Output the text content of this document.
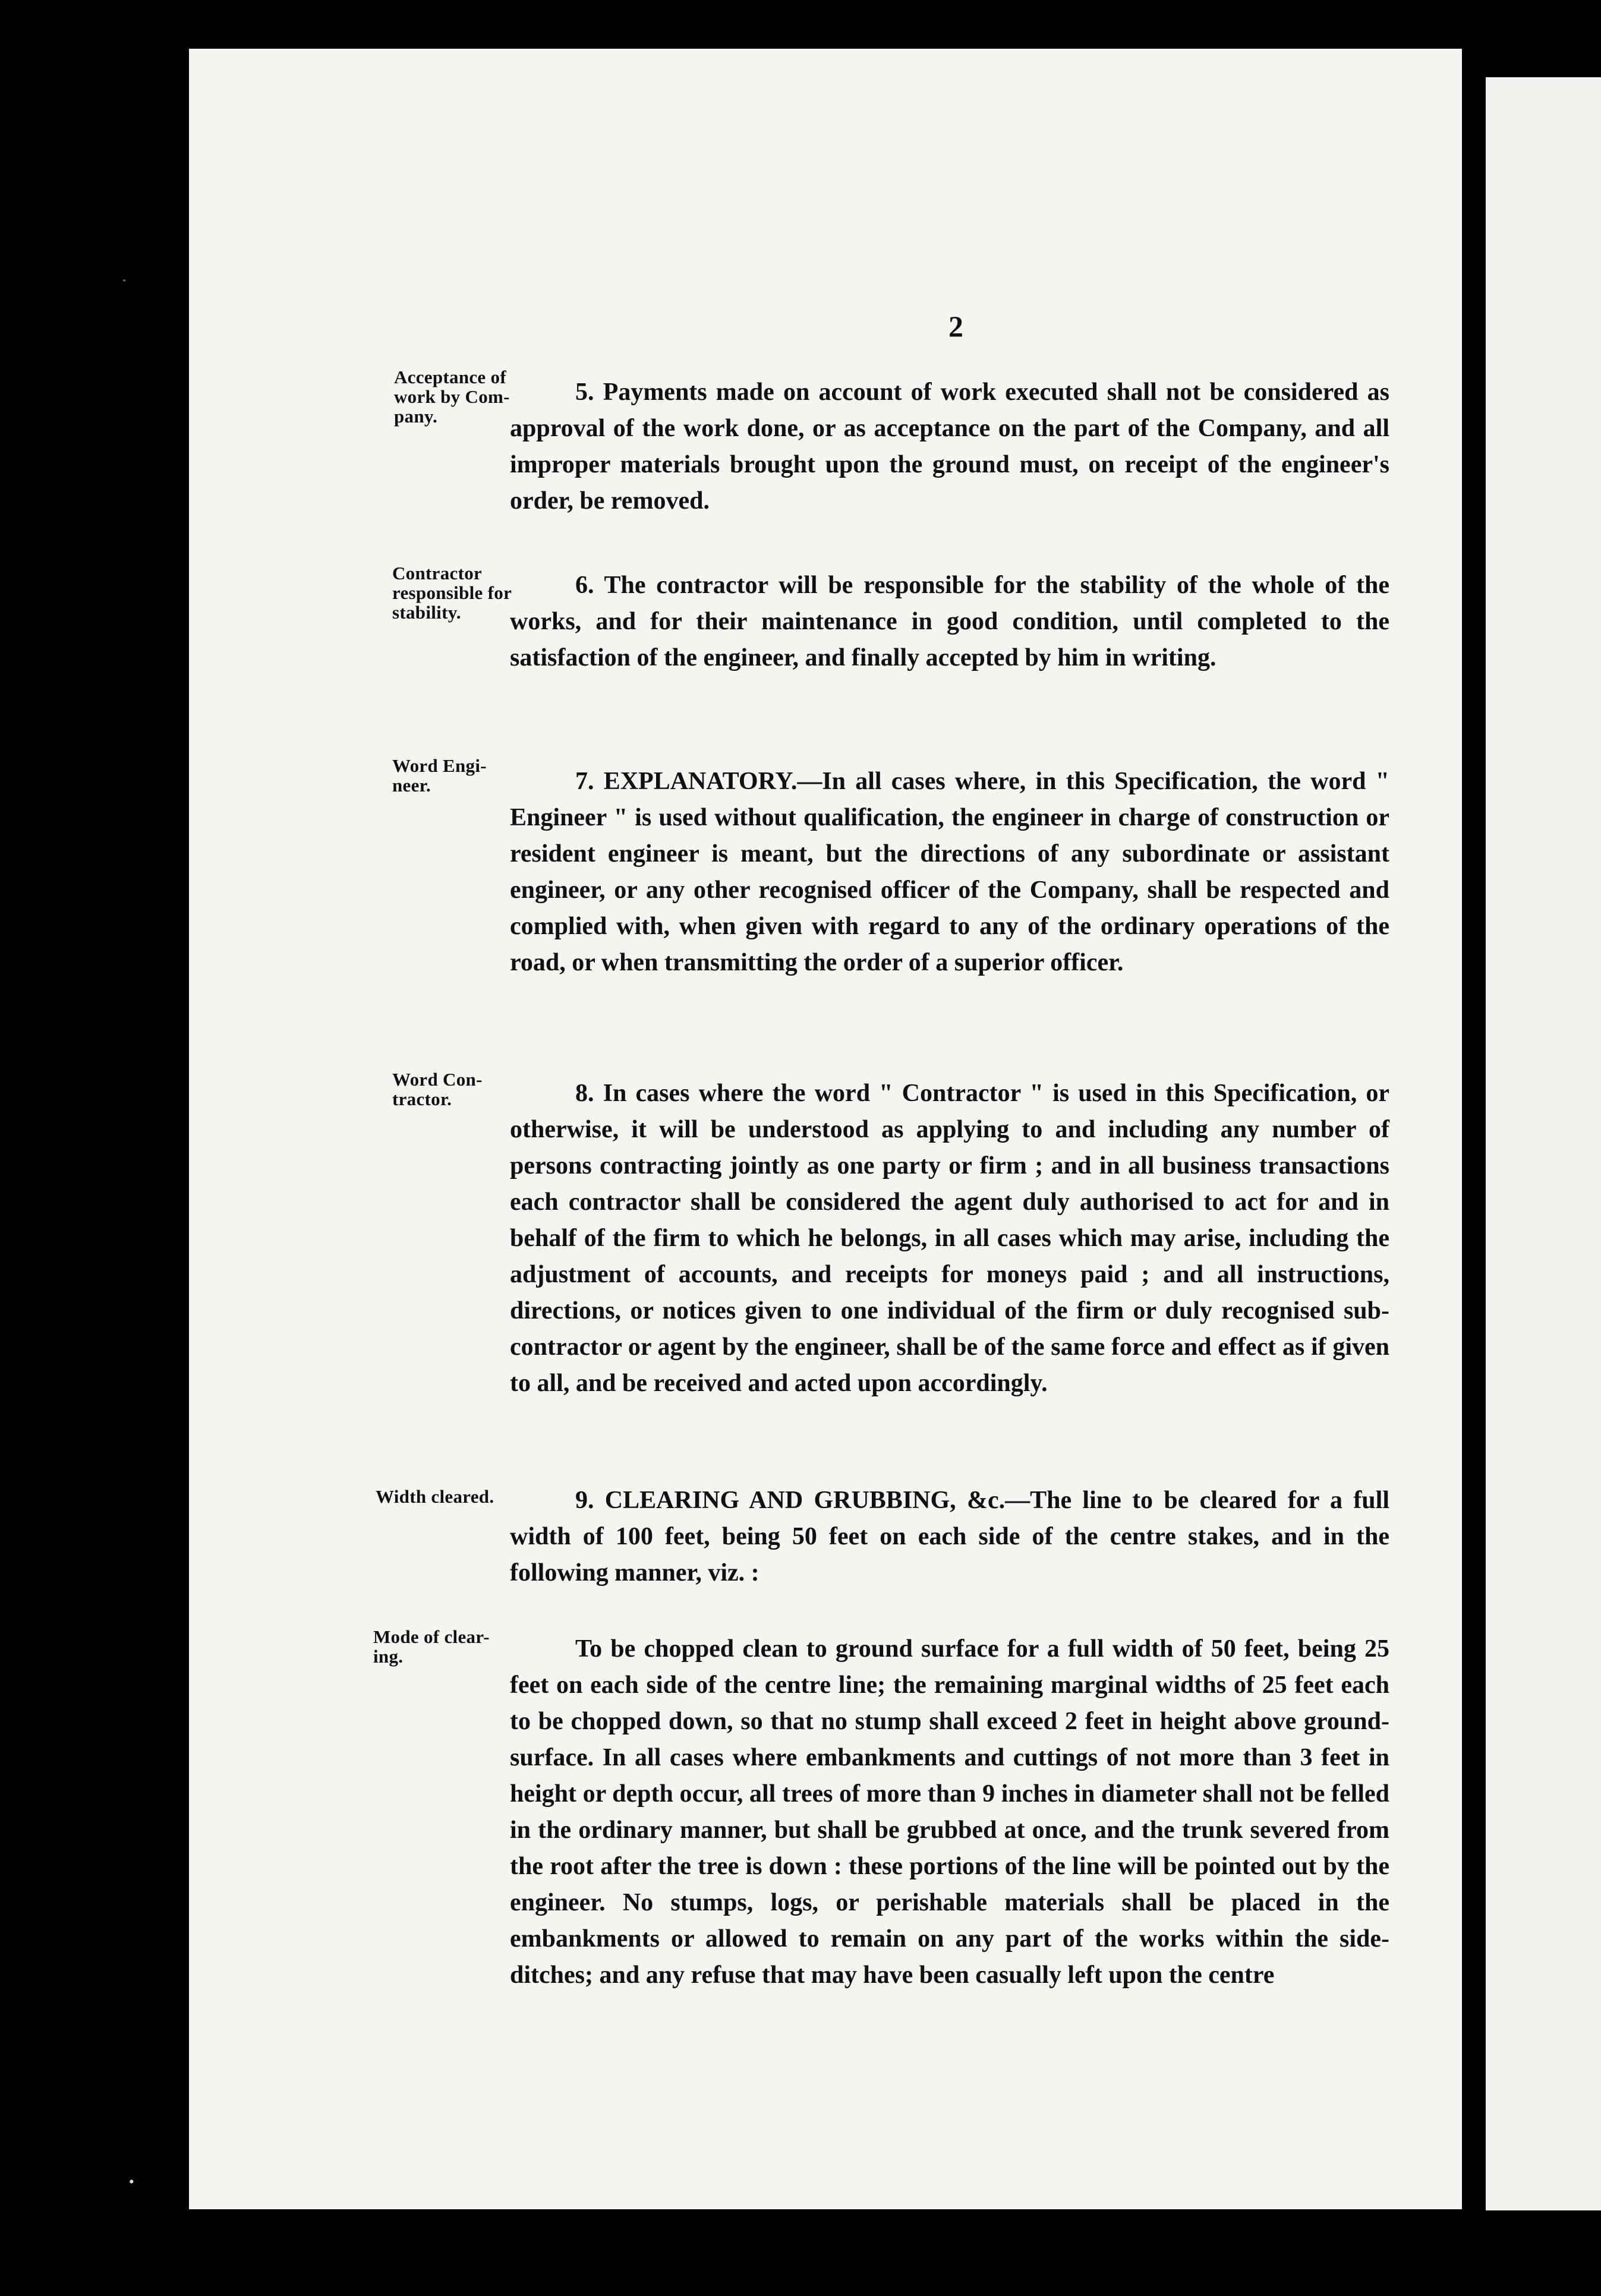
2
Acceptance of
work by Com-
pany.
5. Payments made on account of work executed shall not be considered as approval of the work done, or as acceptance on the part of the Company, and all improper materials brought upon the ground must, on receipt of the engineer's order, be removed.
Contractor
responsible for
stability.
6. The contractor will be responsible for the stability of the whole of the works, and for their maintenance in good condition, until completed to the satisfaction of the engineer, and finally accepted by him in writing.
Word Engi-
neer.	7. EXPLANATORY.—In all cases where, in this Specification, the word " Engineer " is used without qualification, the engineer in charge of construction or resident engineer is meant, but the directions of any subordinate or assistant engineer, or any other recognised officer of the Company, shall be respected and complied with, when given with regard to any of the ordinary operations of the road, or when transmitting the order of a superior officer.
Word Con-
tractor.	8. In cases where the word " Contractor " is used in this Specification, or otherwise, it will be understood as applying to and including any number of persons contracting jointly as one party or firm ; and in all business transactions each contractor shall be considered the agent duly authorised to act for and in behalf of the firm to which he belongs, in all cases which may arise, including the adjustment of accounts, and receipts for moneys paid ; and all instructions, directions, or notices given to one individual of the firm or duly recognised sub-contractor or agent by the engineer, shall be of the same force and effect as if given to all, and be received and acted upon accordingly.
Width cleared.	9. CLEARING AND GRUBBING, &c.—The line to be cleared for a full width of 100 feet, being 50 feet on each side of the centre stakes, and in the following manner, viz. :
Mode of clear-
ing.	To be chopped clean to ground surface for a full width of 50 feet, being 25 feet on each side of the centre line; the remaining marginal widths of 25 feet each to be chopped down, so that no stump shall exceed 2 feet in height above ground-surface. In all cases where embankments and cuttings of not more than 3 feet in height or depth occur, all trees of more than 9 inches in diameter shall not be felled in the ordinary manner, but shall be grubbed at once, and the trunk severed from the root after the tree is down : these portions of the line will be pointed out by the engineer. No stumps, logs, or perishable materials shall be placed in the embankments or allowed to remain on any part of the works within the side-ditches; and any refuse that may have been casually left upon the centre
·
·
